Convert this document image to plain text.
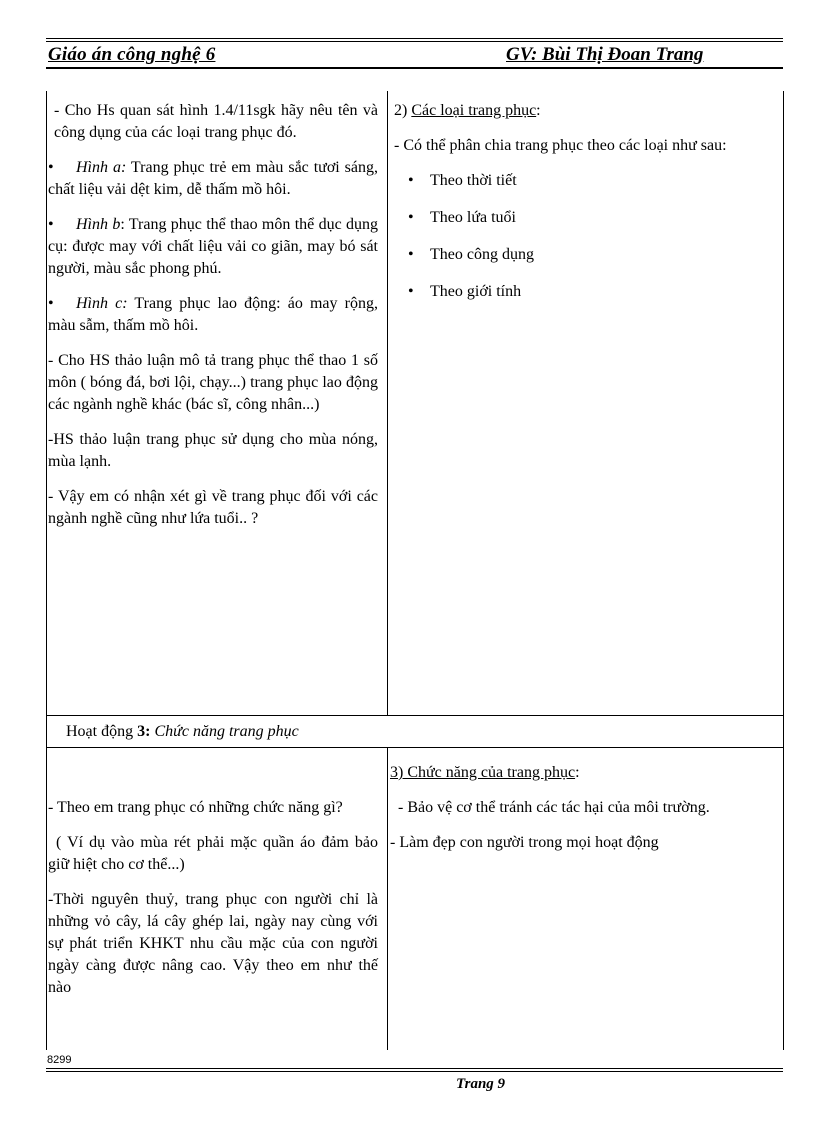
Giáo án công nghệ 6	GV: Bùi Thị Đoan Trang

- Cho Hs quan sát hình 1.4/11sgk hãy nêu tên và công dụng của các loại trang phục đó.

• Hình a: Trang phục trẻ em màu sắc tươi sáng, chất liệu vải dệt kim, dễ thấm mồ hôi.

• Hình b: Trang phục thể thao môn thể dục dụng cụ: được may với chất liệu vải co giãn, may bó sát người, màu sắc phong phú.

• Hình c: Trang phục lao động: áo may rộng, màu sẫm, thấm mồ hôi.

- Cho HS thảo luận mô tả trang phục thể thao 1 số môn ( bóng đá, bơi lội, chạy...) trang phục lao động các ngành nghề khác (bác sĩ, công nhân...)

-HS thảo luận trang phục sử dụng cho mùa nóng, mùa lạnh.

- Vậy em có nhận xét gì về trang phục đối với các ngành nghề cũng như lứa tuổi.. ?

2) Các loại trang phục:

- Có thể phân chia trang phục theo các loại như sau:

• Theo thời tiết
• Theo lứa tuổi
• Theo công dụng
• Theo giới tính
Hoạt động 3: Chức năng trang phục

- Theo em trang phục có những chức năng gì?

( Ví dụ vào mùa rét phải mặc quần áo đảm bảo giữ hiệt cho cơ thể...)

-Thời nguyên thuỷ, trang phục con người chỉ là những vỏ cây, lá cây ghép lai, ngày nay cùng với sự phát triển KHKT nhu cầu mặc của con người ngày càng được nâng cao. Vậy theo em như thế nào

3) Chức năng của trang phục:

- Bảo vệ cơ thể tránh các tác hại của môi trường.

- Làm đẹp con người trong mọi hoạt động

8299
Trang 9
